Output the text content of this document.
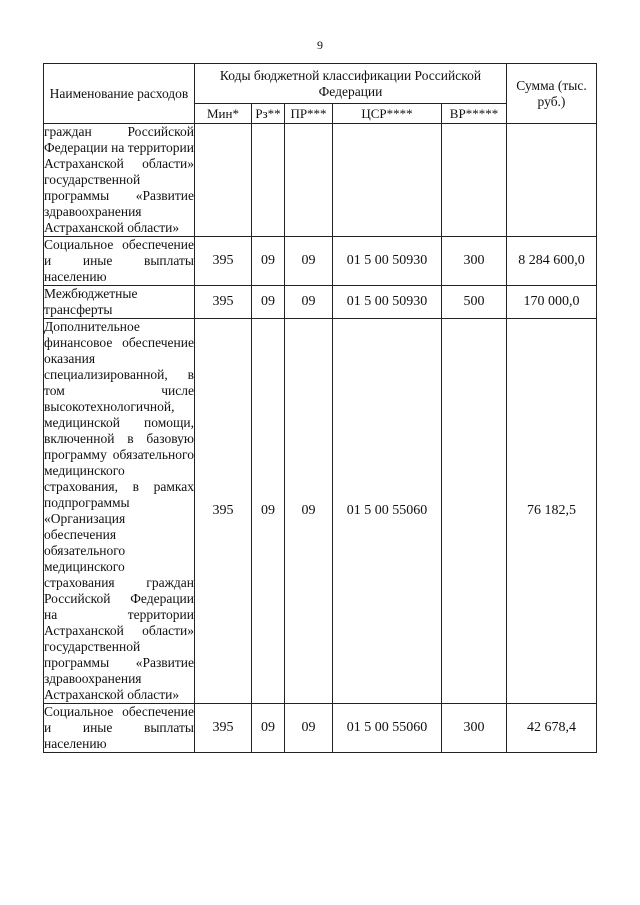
9
Наименование расходов	Коды бюджетной классификации Российской Федерации					Сумма (тыс. руб.)
	Мин*	Рз**	ПР***	ЦСР****	ВР*****	
граждан Российской Федерации на территории Астраханской области» государственной программы «Развитие здравоохранения Астраханской области»						
Социальное обеспечение и иные выплаты населению	395	09	09	01 5 00 50930	300	8 284 600,0
Межбюджетные трансферты	395	09	09	01 5 00 50930	500	170 000,0
Дополнительное финансовое обеспечение оказания специализированной, в том числе высокотехнологичной, медицинской помощи, включенной в базовую программу обязательного медицинского страхования, в рамках подпрограммы «Организация обеспечения обязательного медицинского страхования граждан Российской Федерации на территории Астраханской области» государственной программы «Развитие здравоохранения Астраханской области»	395	09	09	01 5 00 55060		76 182,5
Социальное обеспечение и иные выплаты населению	395	09	09	01 5 00 55060	300	42 678,4
